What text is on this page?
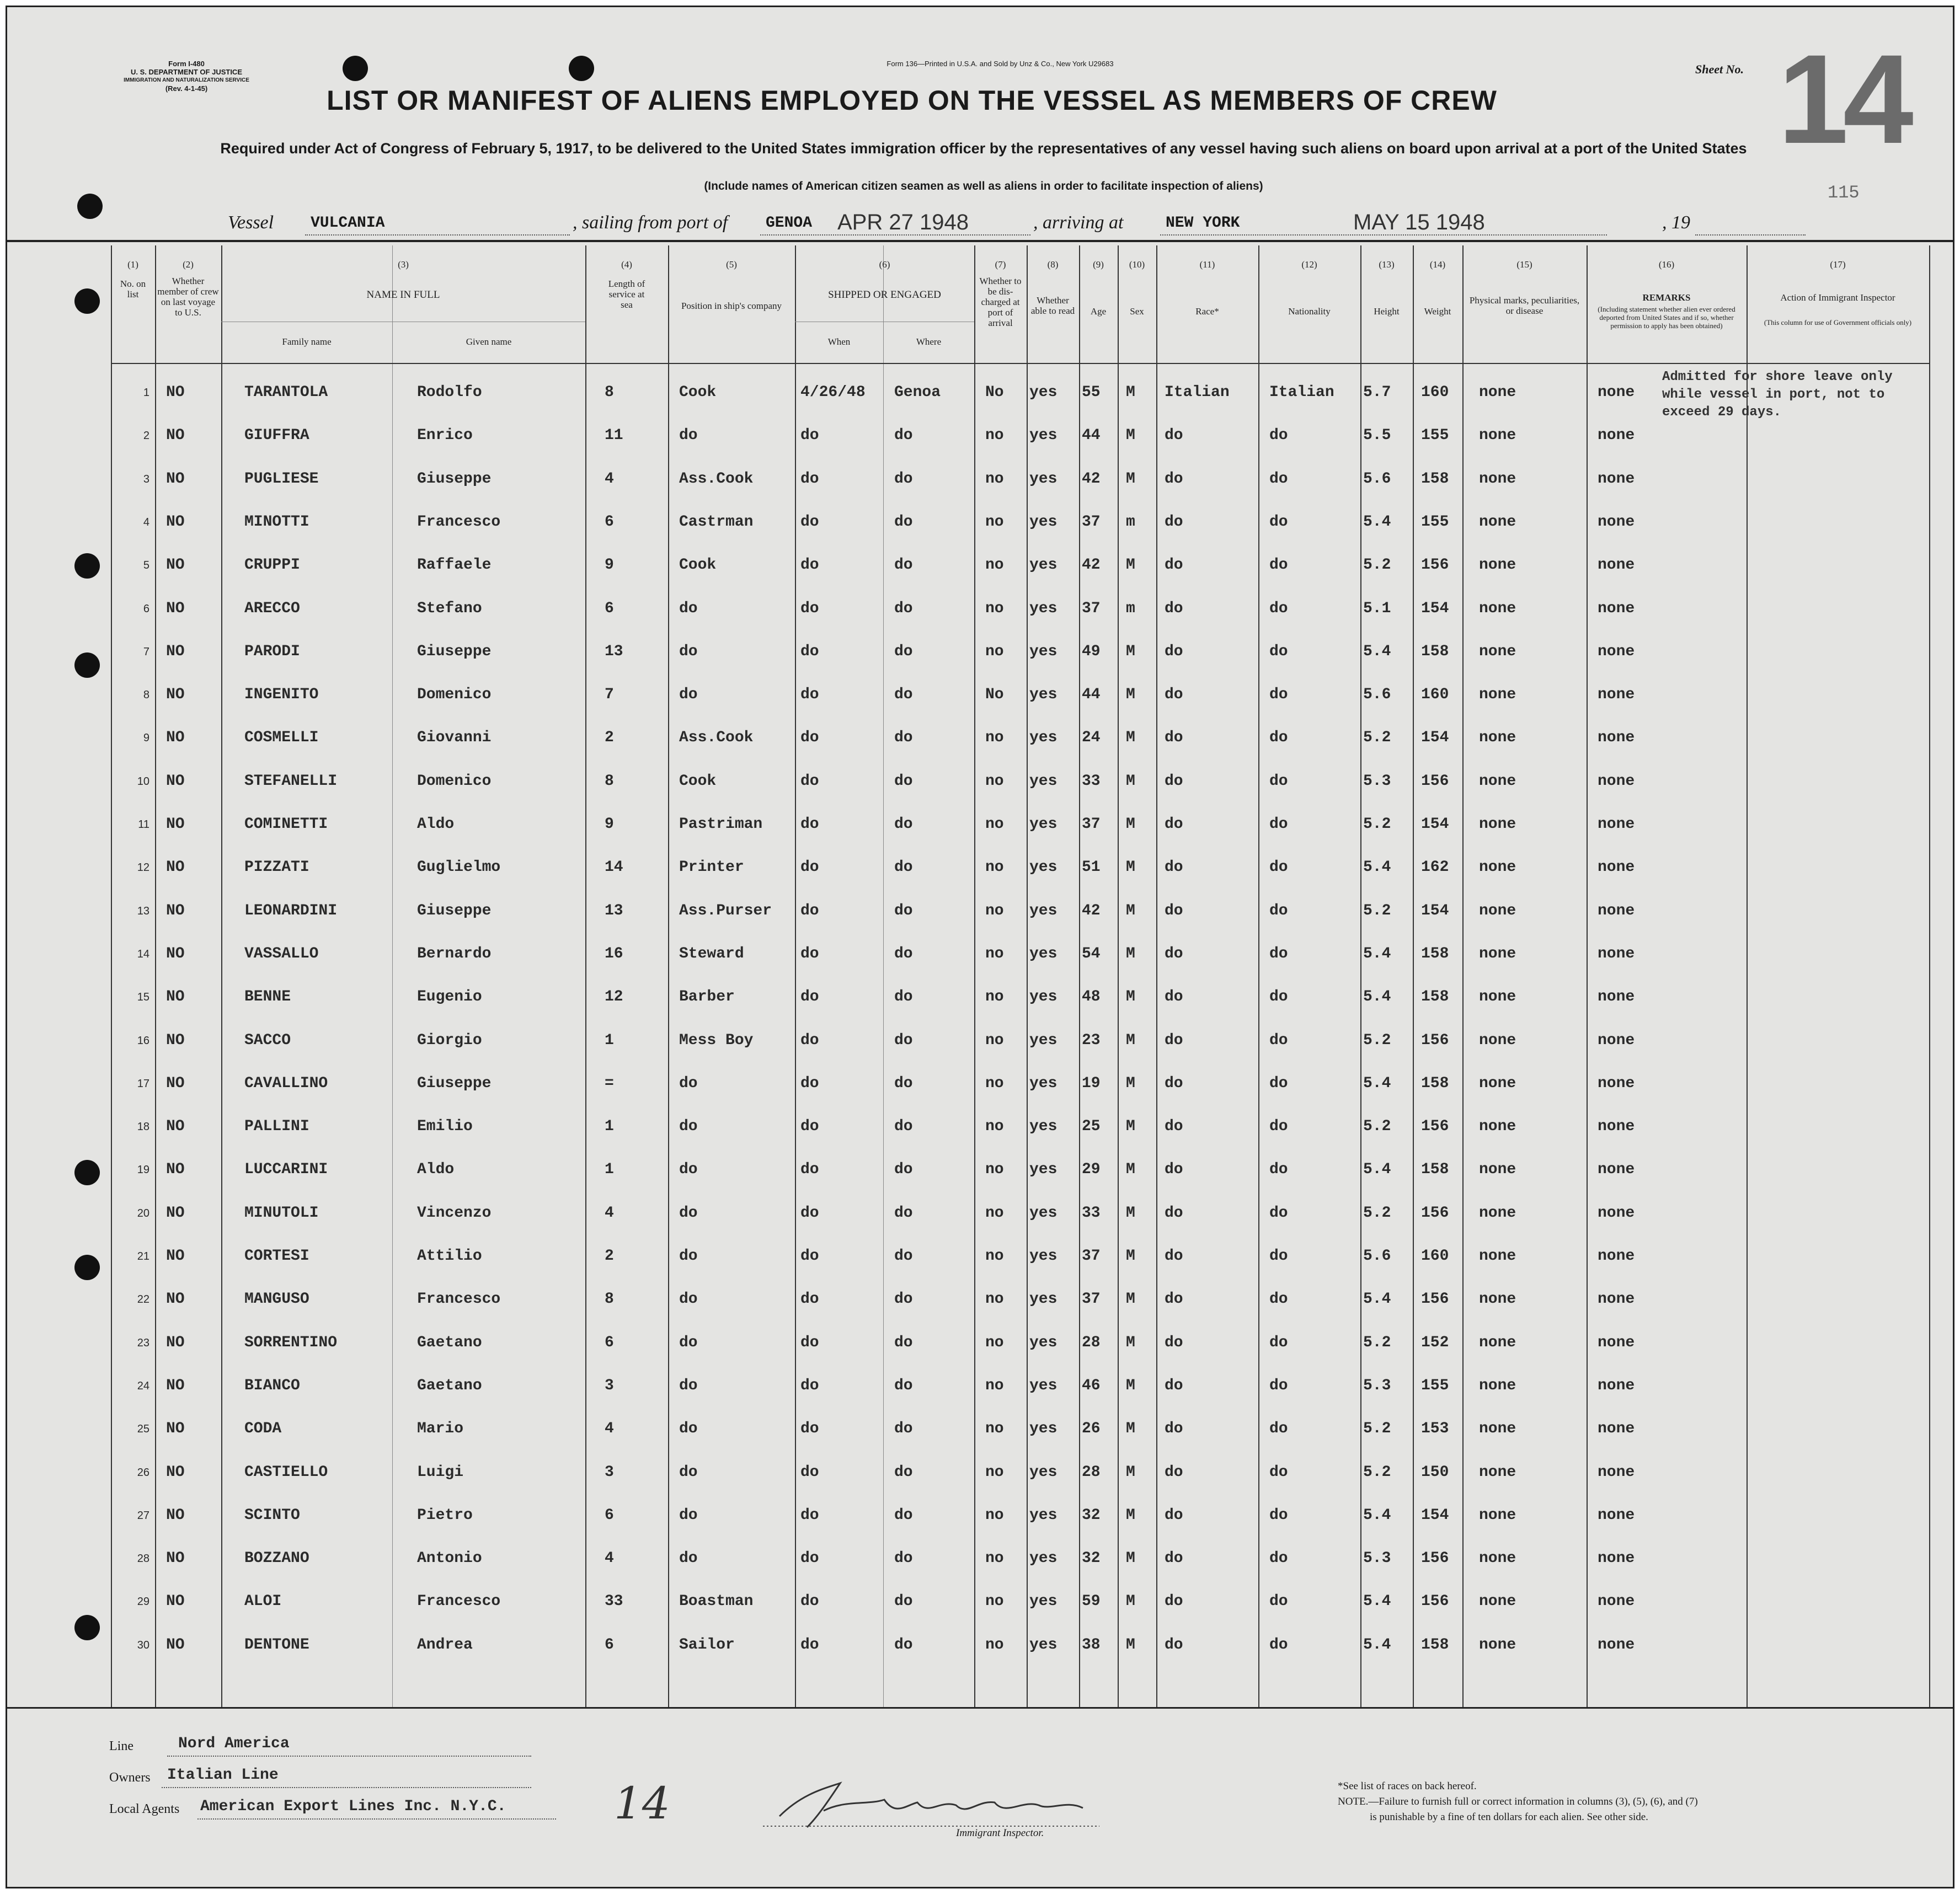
Form I-480
U. S. DEPARTMENT OF JUSTICE
IMMIGRATION AND NATURALIZATION SERVICE
(Rev. 4-1-45)
Form 136—Printed in U.S.A. and Sold by Unz & Co., New York U29683	Sheet No. 14
115
LIST OR MANIFEST OF ALIENS EMPLOYED ON THE VESSEL AS MEMBERS OF CREW
Required under Act of Congress of February 5, 1917, to be delivered to the United States immigration officer by the representatives of any vessel having such aliens on board upon arrival at a port of the United States
(Include names of American citizen seamen as well as aliens in order to facilitate inspection of aliens)
Vessel VULCANIA	, sailing from port of GENOA APR 27 1948	, arriving at	NEW YORK	MAY 15 1948	, 19
(1)	(2)	(3)	(4)	(5)	(6)	(7)	(8)	(9)	(10)	(11)	(12)	(13)	(14)	(15)	(16)	(17)
No. on list
Whether member of crew on last voyage to U.S.
NAME IN FULL
Family name	Given name
Length of service at sea	Position in ship's company
SHIPPED OR ENGAGED
When	Where
Whether to be dis-charged at port of arrival
Whether able to read	Age	Sex	Race*	Nationality	Height	Weight
Physical marks, peculiarities, or disease
REMARKS
(Including statement whether alien ever ordered deported from United States and if so, whether permission to apply has been obtained)
Action of Immigrant Inspector
(This column for use of Government officials only)
1 NO	TARANTOLA	Rodolfo	8	Cook	4/26/48 Genoa	No yes 55 M Italian	Italian 5.7 160 none	none
2 NO	GIUFFRA	Enrico	11	do	do	do	no yes 44 M do	do	5.5 155 none	none
3 NO	PUGLIESE	Giuseppe	4	Ass.Cook	do	do	no yes 42 M do	do	5.6 158 none	none
4 NO	MINOTTI	Francesco	6	Castrman	do	do	no yes 37 m do	do	5.4 155 none	none
5 NO	CRUPPI	Raffaele	9	Cook	do	do	no yes 42 M do	do	5.2 156 none	none
6 NO	ARECCO	Stefano	6	do	do	do	no yes 37 m do	do	5.1 154 none	none
7 NO	PARODI	Giuseppe	13	do	do	do	no yes 49 M do	do	5.4 158 none	none
8 NO	INGENITO	Domenico	7	do	do	do	No yes 44 M do	do	5.6 160 none	none
9 NO	COSMELLI	Giovanni	2	Ass.Cook	do	do	no yes 24 M do	do	5.2 154 none	none
10 NO	STEFANELLI	Domenico	8	Cook	do	do	no yes 33 M do	do	5.3 156 none	none
11 NO	COMINETTI	Aldo	9	Pastriman do	do	no yes 37 M do	do	5.2 154 none	none
12 NO	PIZZATI	Guglielmo	14	Printer	do	do	no yes 51 M do	do	5.4 162 none	none
13 NO	LEONARDINI	Giuseppe	13	Ass.Purser do	do	no yes 42 M do	do	5.2 154 none	none
14 NO	VASSALLO	Bernardo	16	Steward	do	do	no yes 54 M do	do	5.4 158 none	none
15 NO	BENNE	Eugenio	12	Barber	do	do	no yes 48 M do	do	5.4 158 none	none
16 NO	SACCO	Giorgio	1	Mess Boy	do	do	no yes 23 M do	do	5.2 156 none	none
17 NO	CAVALLINO	Giuseppe	=	do	do	do	no yes 19 M do	do	5.4 158 none	none
18 NO	PALLINI	Emilio	1	do	do	do	no yes 25 M do	do	5.2 156 none	none
19 NO	LUCCARINI	Aldo	1	do	do	do	no yes 29 M do	do	5.4 158 none	none
20 NO	MINUTOLI	Vincenzo	4	do	do	do	no yes 33 M do	do	5.2 156 none	none
21 NO	CORTESI	Attilio	2	do	do	do	no yes 37 M do	do	5.6 160 none	none
22 NO	MANGUSO	Francesco	8	do	do	do	no yes 37 M do	do	5.4 156 none	none
23 NO	SORRENTINO	Gaetano	6	do	do	do	no yes 28 M do	do	5.2 152 none	none
24 NO	BIANCO	Gaetano	3	do	do	do	no yes 46 M do	do	5.3 155 none	none
25 NO	CODA	Mario	4	do	do	do	no yes 26 M do	do	5.2 153 none	none
26 NO	CASTIELLO	Luigi	3	do	do	do	no yes 28 M do	do	5.2 150 none	none
27 NO	SCINTO	Pietro	6	do	do	do	no yes 32 M do	do	5.4 154 none	none
28 NO	BOZZANO	Antonio	4	do	do	do	no yes 32 M do	do	5.3 156 none	none
29 NO	ALOI	Francesco	33	Boastman	do	do	no yes 59 M do	do	5.4 156 none	none
30 NO	DENTONE	Andrea	6	Sailor	do	do	no yes 38 M do	do	5.4 158 none	none
Admitted for shore leave only while vessel in port, not to exceed 29 days.
Line	Nord America
Owners Italian Line
Local Agents American Export Lines Inc. N.Y.C. 14
Immigrant Inspector.
*See list of races on back hereof.
NOTE.—Failure to furnish full or correct information in columns (3), (5), (6), and (7)
is punishable by a fine of ten dollars for each alien. See other side.
